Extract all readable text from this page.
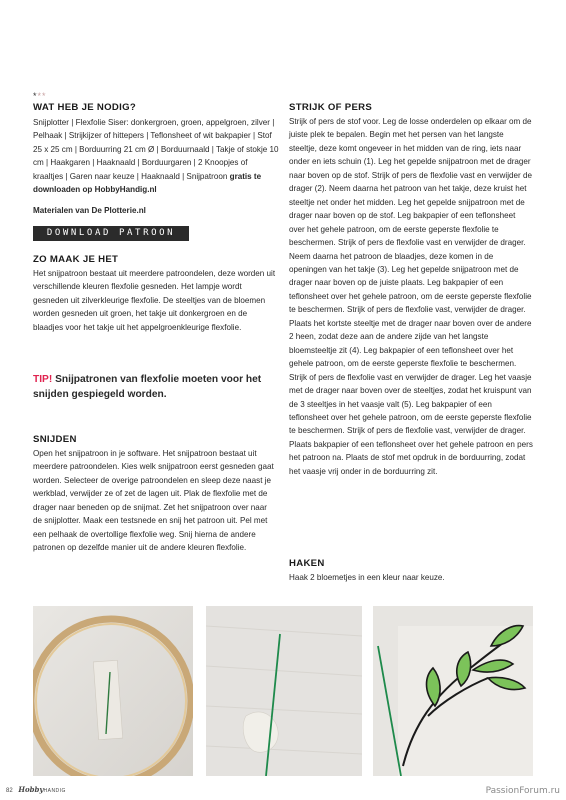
***
WAT HEB JE NODIG?

Snijplotter | Flexfolie Siser: donkergroen, groen, appelgroen, zilver | Pelhaak | Strijkijzer of hittepers | Teflonsheet of wit bakpapier | Stof 25 x 25 cm | Borduurring 21 cm Ø | Borduurnaald | Takje of stokje 10 cm | Haakgaren | Haaknaald | Borduurgaren | 2 Knoopjes of kraaltjes | Garen naar keuze | Haaknaald | Snijpatroon gratis te downloaden op HobbyHandig.nl

Materialen van De Plotterie.nl

DOWNLOAD PATROON
ZO MAAK JE HET

Het snijpatroon bestaat uit meerdere patroondelen, deze worden uit verschillende kleuren flexfolie gesneden. Het lampje wordt gesneden uit zilverkleurige flexfolie. De steeltjes van de bloemen worden gesneden uit groen, het takje uit donkergroen en de blaadjes voor het takje uit het appelgroenkleurige flexfolie.

TIP! Snijpatronen van flexfolie moeten voor het snijden gespiegeld worden.

SNIJDEN

Open het snijpatroon in je software. Het snijpatroon bestaat uit meerdere patroondelen. Kies welk snijpatroon eerst gesneden gaat worden. Selecteer de overige patroondelen en sleep deze naast je werkblad, verwijder ze of zet de lagen uit. Plak de flexfolie met de drager naar beneden op de snijmat. Zet het snijpatroon over naar de snijplotter. Maak een testsnede en snij het patroon uit. Pel met een pelhaak de overtollige flexfolie weg. Snij hierna de andere patronen op dezelfde manier uit de andere kleuren flexfolie.

STRIJK OF PERS

Strijk of pers de stof voor. Leg de losse onderdelen op elkaar om de juiste plek te bepalen. Begin met het persen van het langste steeltje, deze komt ongeveer in het midden van de ring, iets naar onder en iets schuin (1). Leg het gepelde snijpatroon met de drager naar boven op de stof. Strijk of pers de flexfolie vast en verwijder de drager (2). Neem daarna het patroon van het takje, deze kruist het steeltje net onder het midden. Leg het gepelde snijpatroon met de drager naar boven op de stof. Leg bakpapier of een teflonsheet over het gehele patroon, om de eerste geperste flexfolie te beschermen. Strijk of pers de flexfolie vast en verwijder de drager. Neem daarna het patroon de blaadjes, deze komen in de openingen van het takje (3). Leg het gepelde snijpatroon met de drager naar boven op de juiste plaats. Leg bakpapier of een teflonsheet over het gehele patroon, om de eerste geperste flexfolie te beschermen. Strijk of pers de flexfolie vast, verwijder de drager. Plaats het kortste steeltje met de drager naar boven over de andere 2 heen, zodat deze aan de andere zijde van het langste bloemsteeltje zit (4). Leg bakpapier of een teflonsheet over het gehele patroon, om de eerste geperste flexfolie te beschermen. Strijk of pers de flexfolie vast en verwijder de drager. Leg het vaasje met de drager naar boven over de steeltjes, zodat het kruispunt van de 3 steeltjes in het vaasje valt (5). Leg bakpapier of een teflonsheet over het gehele patroon, om de eerste geperste flexfolie te beschermen. Strijk of pers de flexfolie vast, verwijder de drager. Plaats bakpapier of een teflonsheet over het gehele patroon en pers het patroon na. Plaats de stof met opdruk in de borduurring, zodat het vaasje vrij onder in de borduurring zit.

HAKEN

Haak 2 bloemetjes in een kleur naar keuze.

82 HobbyHANDIG	PassionForum.ru
